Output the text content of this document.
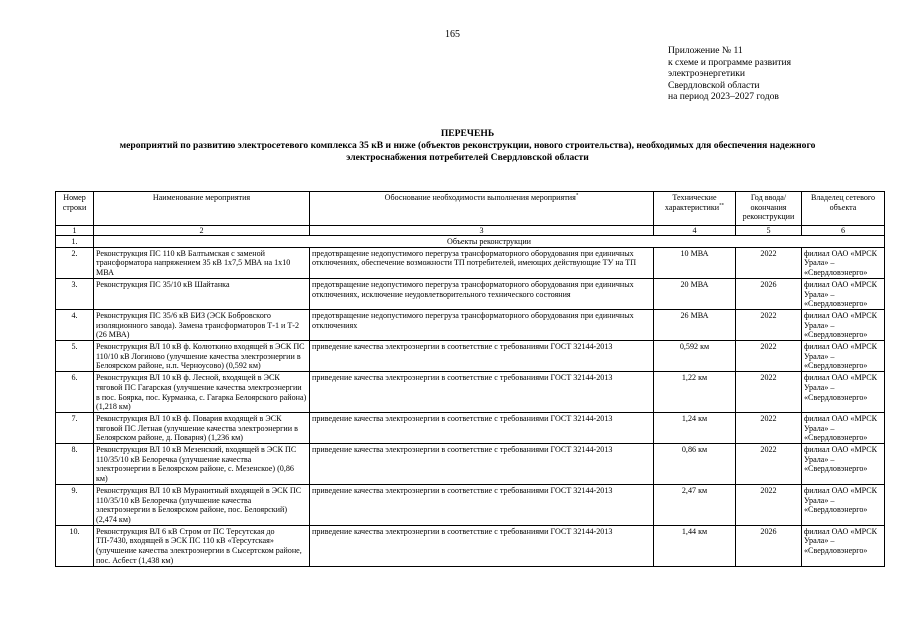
165
Приложение № 11
к схеме и программе развития
электроэнергетики
Свердловской области
на период 2023–2027 годов
ПЕРЕЧЕНЬ
мероприятий по развитию электросетевого комплекса 35 кВ и ниже (объектов реконструкции, нового строительства), необходимых для обеспечения надежного
электроснабжения потребителей Свердловской области
Номер строки	Наименование мероприятия	Обоснование необходимости выполнения мероприятия*	Технические характеристики**	Год ввода/ окончания реконструкции	Владелец сетевого объекта
1	2	3	4	5	6
1.	Объекты реконструкции				
2.	Реконструкция ПС 110 кВ Балтымская с заменой трансформатора напряжением 35 кВ 1х7,5 МВА на 1х10 МВА	предотвращение недопустимого перегруза трансформаторного оборудования при единичных отключениях, обеспечение возможности ТП потребителей, имеющих действующие ТУ на ТП	10 МВА	2022	филиал ОАО «МРСК Урала» – «Свердловэнерго»
3.	Реконструкция ПС 35/10 кВ Шайтанка	предотвращение недопустимого перегруза трансформаторного оборудования при единичных отключениях, исключение неудовлетворительного технического состояния	20 МВА	2026	филиал ОАО «МРСК Урала» – «Свердловэнерго»
4.	Реконструкция ПС 35/6 кВ БИЗ (ЭСК Бобровского изоляционного завода). Замена трансформаторов Т-1 и Т-2 (26 МВА)	предотвращение недопустимого перегруза трансформаторного оборудования при единичных отключениях	26 МВА	2022	филиал ОАО «МРСК Урала» – «Свердловэнерго»
5.	Реконструкция ВЛ 10 кВ ф. Колюткино входящей в ЭСК ПС 110/10 кВ Логиново (улучшение качества электроэнергии в Белоярском районе, н.п. Черноусово) (0,592 км)	приведение качества электроэнергии в соответствие с требованиями ГОСТ 32144-2013	0,592 км	2022	филиал ОАО «МРСК Урала» – «Свердловэнерго»
6.	Реконструкция ВЛ 10 кВ ф. Лесной, входящей в ЭСК тяговой ПС Гагарская (улучшение качества электроэнергии в пос. Боярка, пос. Курманка, с. Гагарка Белоярского района) (1,218 км)	приведение качества электроэнергии в соответствие с требованиями ГОСТ 32144-2013	1,22 км	2022	филиал ОАО «МРСК Урала» – «Свердловэнерго»
7.	Реконструкция ВЛ 10 кВ ф. Повария входящей в ЭСК тяговой ПС Летная (улучшение качества электроэнергии в Белоярском районе, д. Поварня) (1,236 км)	приведение качества электроэнергии в соответствие с требованиями ГОСТ 32144-2013	1,24 км	2022	филиал ОАО «МРСК Урала» – «Свердловэнерго»
8.	Реконструкция ВЛ 10 кВ Мезенский, входящей в ЭСК ПС 110/35/10 кВ Белоречка (улучшение качества электроэнергии в Белоярском районе, с. Мезенское) (0,86 км)	приведение качества электроэнергии в соответствие с требованиями ГОСТ 32144-2013	0,86 км	2022	филиал ОАО «МРСК Урала» – «Свердловэнерго»
9.	Реконструкция ВЛ 10 кВ Муранитный входящей в ЭСК ПС 110/35/10 кВ Белоречка (улучшение качества электроэнергии в Белоярском районе, пос. Белоярский) (2,474 км)	приведение качества электроэнергии в соответствие с требованиями ГОСТ 32144-2013	2,47 км	2022	филиал ОАО «МРСК Урала» – «Свердловэнерго»
10.	Реконструкция ВЛ 6 кВ Стром от ПС Терсутская до ТП-7430, входящей в ЭСК ПС 110 кВ «Терсутская» (улучшение качества электроэнергии в Сысертском районе, пос. Асбест (1,438 км)	приведение качества электроэнергии в соответствие с требованиями ГОСТ 32144-2013	1,44 км	2026	филиал ОАО «МРСК Урала» – «Свердловэнерго»
